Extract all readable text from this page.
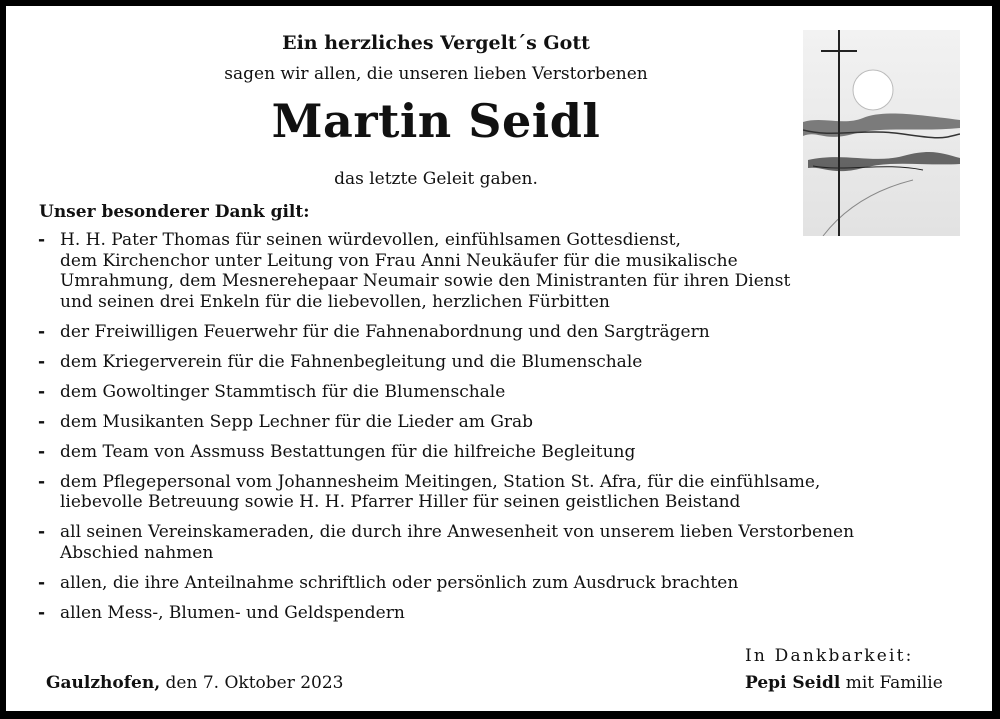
Ein herzliches Vergelt´s Gott
sagen wir allen, die unseren lieben Verstorbenen
Martin Seidl
das letzte Geleit gaben.
Unser besonderer Dank gilt:
- H. H. Pater Thomas für seinen würdevollen, einfühlsamen Gottesdienst,
dem Kirchenchor unter Leitung von Frau Anni Neukäufer für die musikalische
Umrahmung, dem Mesnerehepaar Neumair sowie den Ministranten für ihren Dienst
und seinen drei Enkeln für die liebevollen, herzlichen Fürbitten
- der Freiwilligen Feuerwehr für die Fahnenabordnung und den Sargträgern
- dem Kriegerverein für die Fahnenbegleitung und die Blumenschale
- dem Gowoltinger Stammtisch für die Blumenschale
- dem Musikanten Sepp Lechner für die Lieder am Grab
- dem Team von Assmuss Bestattungen für die hilfreiche Begleitung
- dem Pflegepersonal vom Johannesheim Meitingen, Station St. Afra, für die einfühlsame,
liebevolle Betreuung sowie H. H. Pfarrer Hiller für seinen geistlichen Beistand
- all seinen Vereinskameraden, die durch ihre Anwesenheit von unserem lieben Verstorbenen
Abschied nahmen
- allen, die ihre Anteilnahme schriftlich oder persönlich zum Ausdruck brachten
- allen Mess-, Blumen- und Geldspendern
Gaulzhofen, den 7. Oktober 2023
In Dankbarkeit:
Pepi Seidl mit Familie
